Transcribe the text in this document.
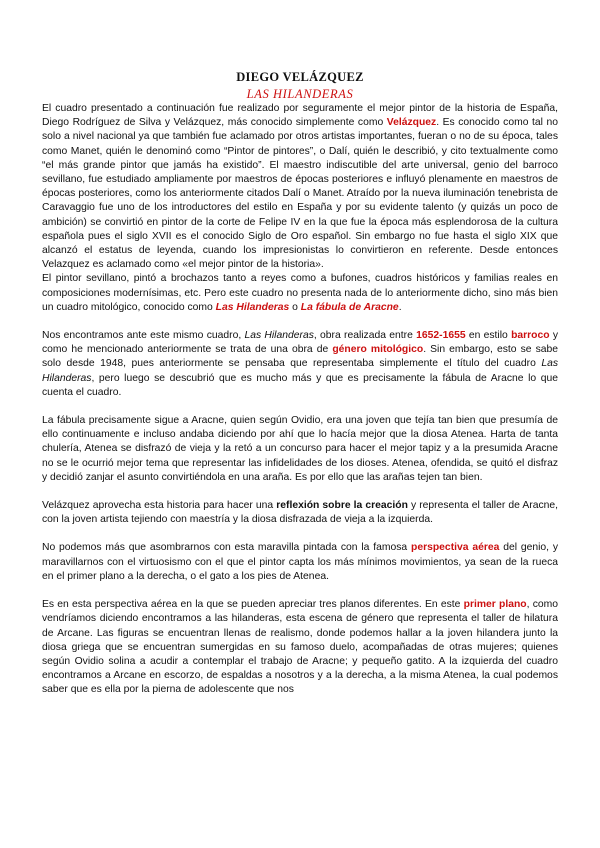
DIEGO VELÁZQUEZ
LAS HILANDERAS

El cuadro presentado a continuación fue realizado por seguramente el mejor pintor de la historia de España, Diego Rodríguez de Silva y Velázquez, más conocido simplemente como Velázquez. Es conocido como tal no solo a nivel nacional ya que también fue aclamado por otros artistas importantes, fueran o no de su época, tales como Manet, quién le denominó como “Pintor de pintores”, o Dalí, quién le describió, y cito textualmente como “el más grande pintor que jamás ha existido”. El maestro indiscutible del arte universal, genio del barroco sevillano, fue estudiado ampliamente por maestros de épocas posteriores e influyó plenamente en maestros de épocas posteriores, como los anteriormente citados Dalí o Manet. Atraído por la nueva iluminación tenebrista de Caravaggio fue uno de los introductores del estilo en España y por su evidente talento (y quizás un poco de ambición) se convirtió en pintor de la corte de Felipe IV en la que fue la época más esplendorosa de la cultura española pues el siglo XVII es el conocido Siglo de Oro español. Sin embargo no fue hasta el siglo XIX que alcanzó el estatus de leyenda, cuando los impresionistas lo convirtieron en referente. Desde entonces Velazquez es aclamado como «el mejor pintor de la historia».

El pintor sevillano, pintó a brochazos tanto a reyes como a bufones, cuadros históricos y familias reales en composiciones modernísimas, etc. Pero este cuadro no presenta nada de lo anteriormente dicho, sino más bien un cuadro mitológico, conocido como Las Hilanderas o La fábula de Aracne.

Nos encontramos ante este mismo cuadro, Las Hilanderas, obra realizada entre 1652-1655 en estilo barroco y como he mencionado anteriormente se trata de una obra de género mitológico. Sin embargo, esto se sabe solo desde 1948, pues anteriormente se pensaba que representaba simplemente el título del cuadro Las Hilanderas, pero luego se descubrió que es mucho más y que es precisamente la fábula de Aracne lo que cuenta el cuadro.

La fábula precisamente sigue a Aracne, quien según Ovidio, era una joven que tejía tan bien que presumía de ello continuamente e incluso andaba diciendo por ahí que lo hacía mejor que la diosa Atenea. Harta de tanta chulería, Atenea se disfrazó de vieja y la retó a un concurso para hacer el mejor tapiz y a la presumida Aracne no se le ocurrió mejor tema que representar las infidelidades de los dioses. Atenea, ofendida, se quitó el disfraz y decidió zanjar el asunto convirtiéndola en una araña. Es por ello que las arañas tejen tan bien.

Velázquez aprovecha esta historia para hacer una reflexión sobre la creación y representa el taller de Aracne, con la joven artista tejiendo con maestría y la diosa disfrazada de vieja a la izquierda.

No podemos más que asombrarnos con esta maravilla pintada con la famosa perspectiva aérea del genio, y maravillarnos con el virtuosismo con el que el pintor capta los más mínimos movimientos, ya sean de la rueca en el primer plano a la derecha, o el gato a los pies de Atenea.

Es en esta perspectiva aérea en la que se pueden apreciar tres planos diferentes. En este primer plano, como vendríamos diciendo encontramos a las hilanderas, esta escena de género que representa el taller de hilatura de Arcane. Las figuras se encuentran llenas de realismo, donde podemos hallar a la joven hilandera junto la diosa griega que se encuentran sumergidas en su famoso duelo, acompañadas de otras mujeres; quienes según Ovidio solina a acudir a contemplar el trabajo de Aracne; y pequeño gatito. A la izquierda del cuadro encontramos a Arcane en escorzo, de espaldas a nosotros y a la derecha, a la misma Atenea, la cual podemos saber que es ella por la pierna de adolescente que nos
